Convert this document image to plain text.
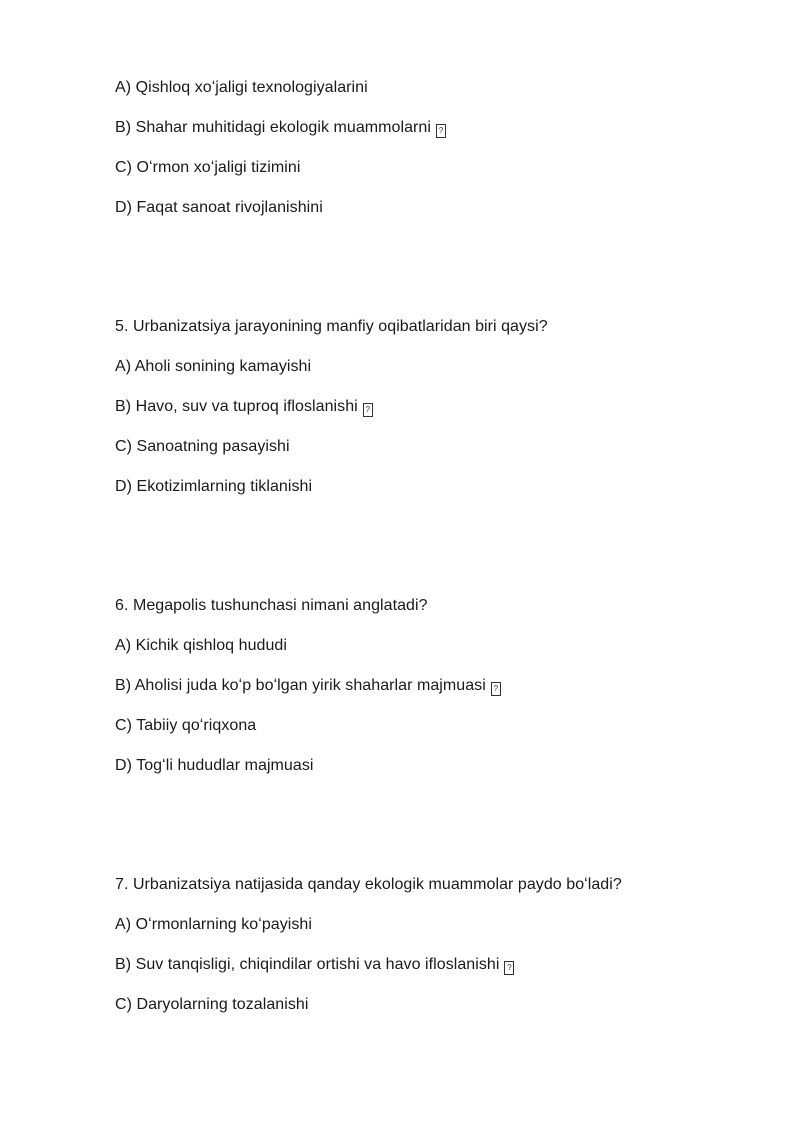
A) Qishloq xoʻjaligi texnologiyalarini
B) Shahar muhitidagi ekologik muammolarni ?
C) Oʻrmon xoʻjaligi tizimini
D) Faqat sanoat rivojlanishini
5. Urbanizatsiya jarayonining manfiy oqibatlaridan biri qaysi?
A) Aholi sonining kamayishi
B) Havo, suv va tuproq ifloslanishi ?
C) Sanoatning pasayishi
D) Ekotizimlarning tiklanishi
6. Megapolis tushunchasi nimani anglatadi?
A) Kichik qishloq hududi
B) Aholisi juda koʻp boʻlgan yirik shaharlar majmuasi ?
C) Tabiiy qoʻriqxona
D) Togʻli hududlar majmuasi
7. Urbanizatsiya natijasida qanday ekologik muammolar paydo boʻladi?
A) Oʻrmonlarning koʻpayishi
B) Suv tanqisligi, chiqindilar ortishi va havo ifloslanishi ?
C) Daryolarning tozalanishi
